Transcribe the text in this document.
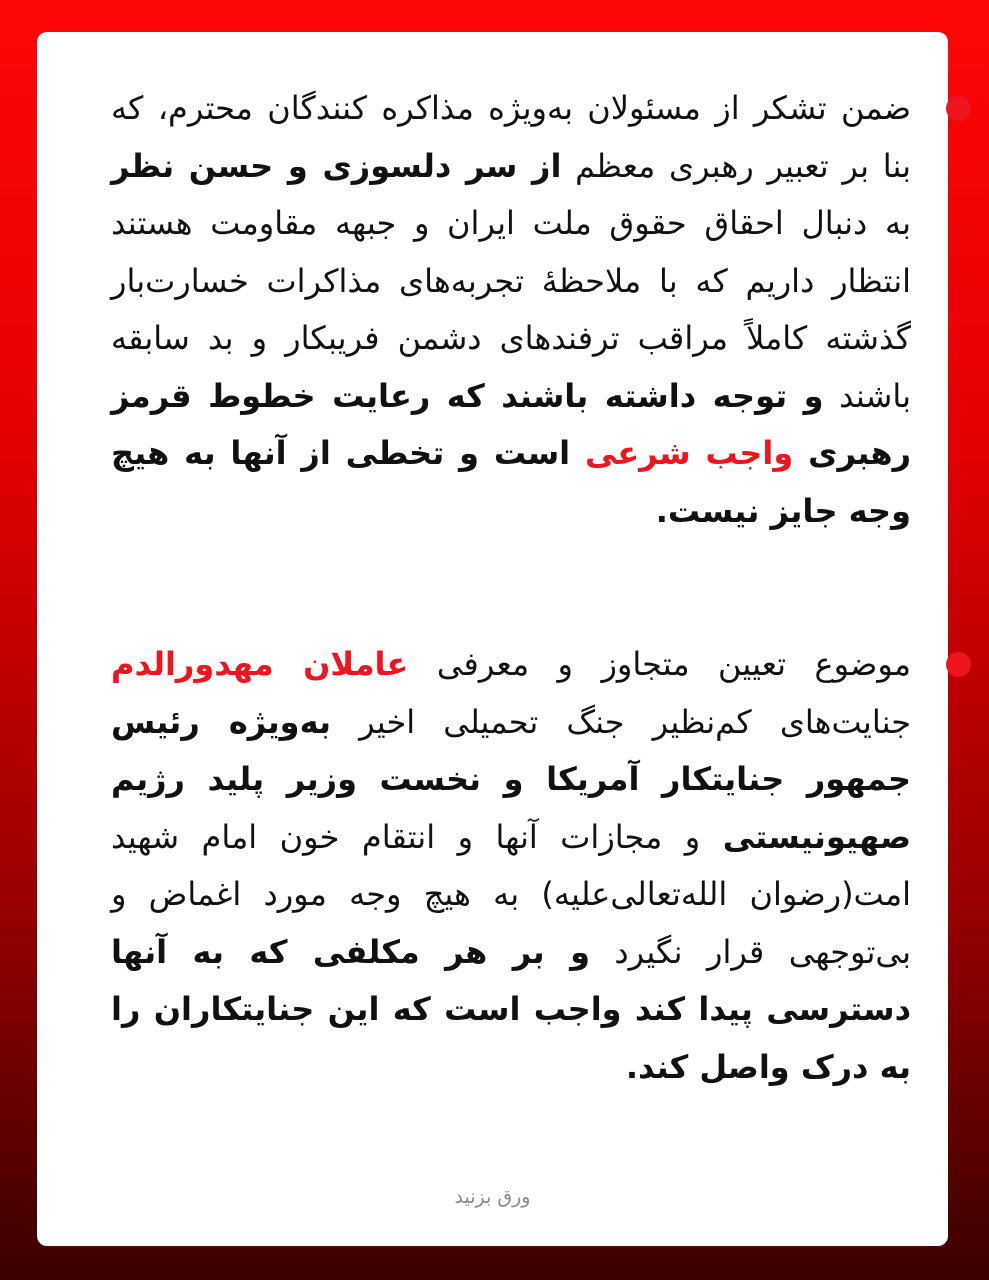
ضمن تشکر از مسئولان به‌ویژه مذاکره کنندگان محترم، که بنا بر تعبیر رهبری معظم از سر دلسوزی و حسن نظر به دنبال احقاق حقوق ملت ایران و جبهه مقاومت هستند انتظار داریم که با ملاحظهٔ تجربه‌های مذاکرات خسارت‌بار گذشته کاملاً مراقب ترفندهای دشمن فریبکار و بد سابقه باشند و توجه داشته باشند که رعایت خطوط قرمز رهبری واجب شرعی است و تخطی از آنها به هیچ وجه جایز نیست.
موضوع تعیین متجاوز و معرفی عاملان مهدورالدم جنایت‌های کم‌نظیر جنگ تحمیلی اخیر به‌ویژه رئیس جمهور جنایتکار آمریکا و نخست وزیر پلید رژیم صهیونیستی و مجازات آنها و انتقام خون امام شهید امت(رضوان الله‌تعالی‌علیه) به هیچ وجه مورد اغماض و بی‌توجهی قرار نگیرد و بر هر مکلفی که به آنها دسترسی پیدا کند واجب است که این جنایتکاران را به درک واصل کند.
ورق بزنید
